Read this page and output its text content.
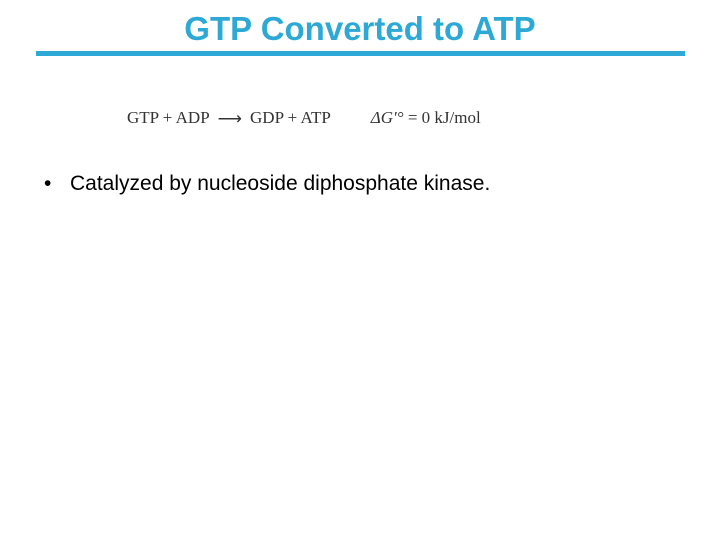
GTP Converted to ATP
GTP + ADP ⟶ GDP + ATP ΔG′° = 0 kJ/mol
• Catalyzed by nucleoside diphosphate kinase.
